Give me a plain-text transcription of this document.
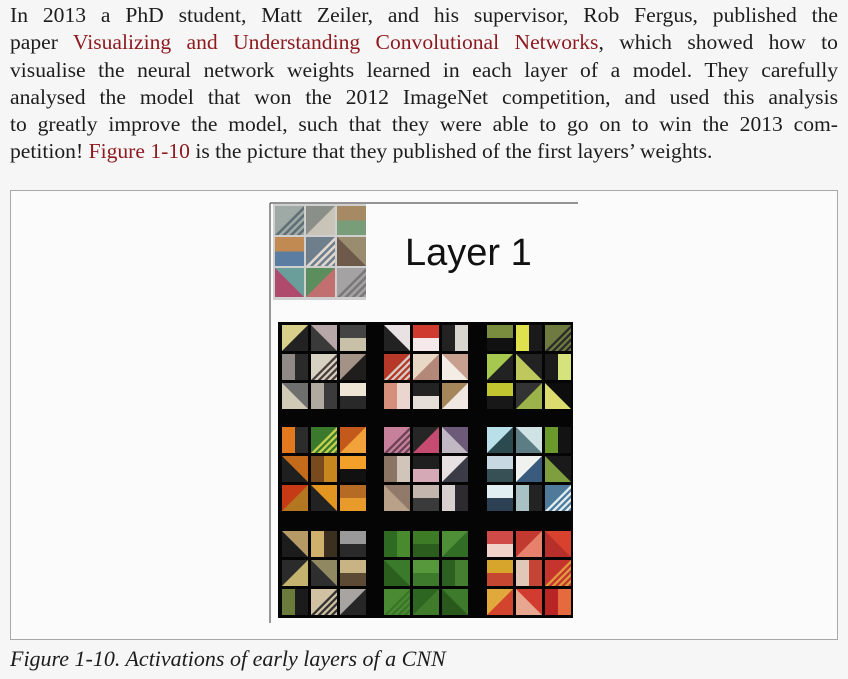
In 2013 a PhD student, Matt Zeiler, and his supervisor, Rob Fergus, published the
paper Visualizing and Understanding Convolutional Networks, which showed how to
visualise the neural network weights learned in each layer of a model. They carefully
analysed the model that won the 2012 ImageNet competition, and used this analysis
to greatly improve the model, such that they were able to go on to win the 2013 com-
petition! Figure 1-10 is the picture that they published of the first layers’ weights.
Layer 1
Figure 1-10. Activations of early layers of a CNN
